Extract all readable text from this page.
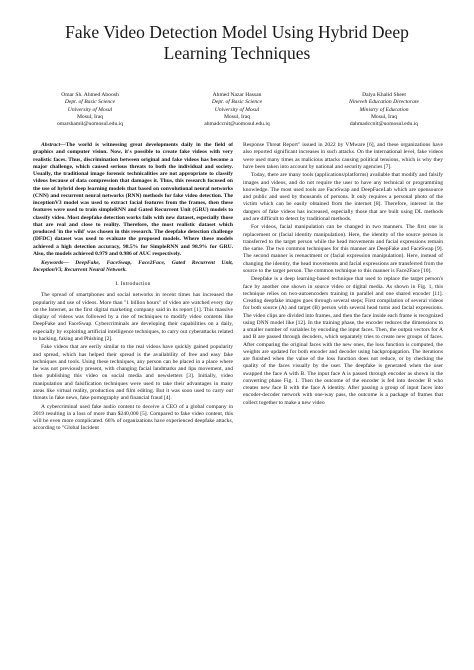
Fake Video Detection Model Using Hybrid Deep
Learning Techniques
Omar Sh. Ahmed Aboosh
Dept. of Basic Science
University of Mosul
Mosul, Iraq
omarshamil@uomosul.edu.iq
Ahmed Nazar Hassan
Dept. of Basic Science
University of Mosul
Mosul, Iraq
ahmadccnit@uomosul.edu.iq
Dalya Khalid Sheet
Nineveh Education Directorate
Ministry of Education
Mosul, Iraq
dahmadccnit@uomosul.edu.iq

Abstract—The world is witnessing great developments daily in the field of graphics and computer vision. Now, it's possible to create fake videos with very realistic faces. Thus, discrimination between original and fake videos has become a major challenge, which caused serious threats to both the individual and society. Usually, the traditional image forensic technicalities are not appropriate to classify videos because of data compression that damages it. Thus, this research focused on the use of hybrid deep learning models that based on convolutional neural networks (CNN) and recurrent neural networks (RNN) methods for fake video detection. The inceptionV3 model was used to extract facial features from the frames, then these features were used to train simpleRNN and Gated Recurrent Unit (GRU) models to classify video. Most deepfake detection works fails with new dataset, especially those that are real and close to reality. Therefore, the most realistic dataset which produced 'in the wild' was chosen in this research. The deepfake detection challenge (DFDC) dataset was used to evaluate the proposed models. Where these models achieved a high detection accuracy, 98.5% for SimpleRNN and 98.9% for GRU. Also, the models achieved 0.979 and 0.986 of AUC respectively.

Keywords— DeepFake, FaceSwap, Face2Face, Gated Recurrent Unit, InceptionV3, Recurrent Neural Network.

I. Introduction

The spread of smartphones and social networks in recent times has increased the popularity and use of videos. More than "1 billion hours" of video are watched every day on the Internet, as the first digital marketing company said in its report [1]. This massive display of videos was followed by a rise of techniques to modify video contents like DeepFake and FaceSwap. Cybercriminals are developing their capabilities on a daily, especially by exploiting artificial intelligence techniques, to carry out cyberattacks related to hacking, faking and Phishing [2].

Fake videos that are eerily similar to the real videos have quickly gained popularity and spread, which has helped their spread is the availability of free and easy fake techniques and tools. Using these techniques, any person can be placed in a place where he was not previously present, with changing facial landmarks and lips movement, and then publishing this video on social media and newsletters [3]. Initially, video manipulation and falsification techniques were used to take their advantages in many areas like virtual reality, production and film editing. But it was soon used to carry out threats in fake news, fake pornography and financial fraud [4].

A cybercriminal used fake audio content to deceive a CEO of a global company in 2019 resulting in a loss of more than $240,000 [5]. Compared to fake video content, this will be even more complicated. 66% of organizations have experienced deepfake attacks, according to "Global Incident

Response Threat Report" issued in 2022 by VMware [6], and these organizations have also reported significant increases in such attacks. On the international level, fake videos were used many times as malicious attacks causing political tensions, which is why they have been taken into account by national and security agencies [7].

Today, there are many tools (applications/platforms) available that modify and falsify images and videos, and do not require the user to have any technical or programming knowledge. The most used tools are FaceSwap and DeepFaceLab which are opensource and public and used by thousands of persons. It only requires a personal photo of the victim which can be easily obtained from the internet [8]. Therefore, interest in the dangers of fake videos has increased, especially those that are built using DL methods and are difficult to detect by traditional methods.

For videos, facial manipulation can be changed in two manners. The first one is replacement or (facial identity manipulation). Here, the identity of the source person is transferred to the target person while the head movements and facial expressions remain the same. The two common techniques for this manner are DeepFake and FaceSwap [9]. The second manner is reenactment or (facial expression manipulation). Here, instead of changing the identity, the head movements and facial expressions are transferred from the source to the target person. The common technique to this manner is Face2Face [10].

Deepfake is a deep learning-based technique that used to replace the target person's face by another one shown in source video or digital media. As shown in Fig. 1, this technique relies on two-autoencoders training in parallel and one shared encoder [11]. Creating deepfake images goes through several steps; First compilation of several videos for both source (A) and target (B) person with several head turns and facial expressions. The video clips are divided into frames, and then the face inside each frame is recognized using DNN model like [12]. In the training phase, the encoder reduces the dimensions to a smaller number of variables by encoding the input faces. Then, the output vectors for A and B are passed through decoders, which separately tries to create new groups of faces. After comparing the original faces with the new ones, the loss function is computed, the weights are updated for both encoder and decoder using backpropagation. The iterations are finished when the value of the loss function does not reduce, or by checking the quality of the faces visually by the user. The deepfake is generated when the user swapped the face A with B. The input face A is passed through encoder as shown in the converting phase Fig. 1. Then the outcome of the encoder is fed into decoder B who creates new face B with the face A identity. After passing a group of input faces into encoder-decoder network with one-way pass, the outcome is a package of frames that collect together to make a new video
